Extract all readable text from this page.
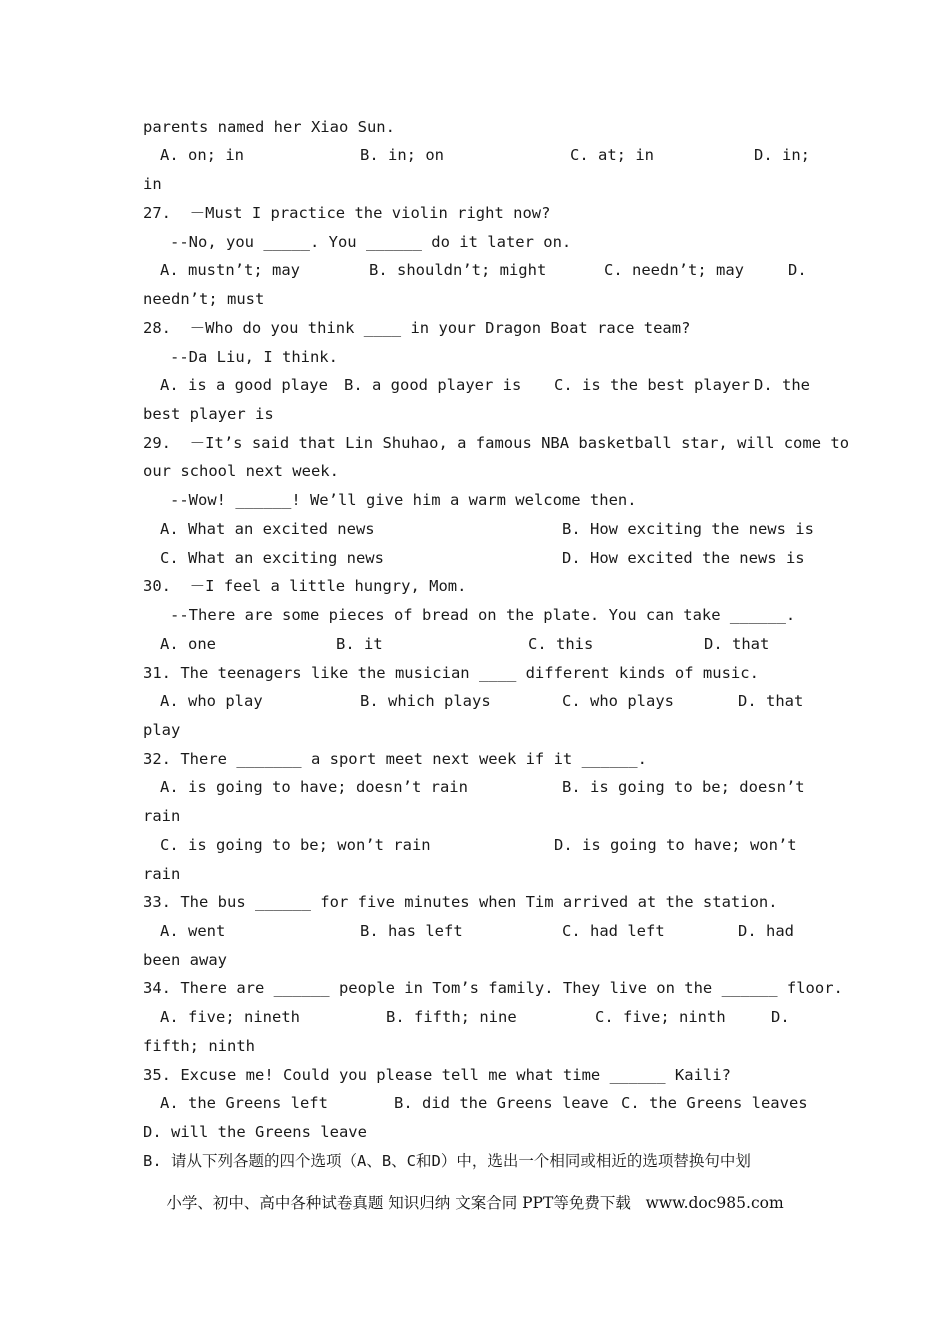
parents named her Xiao Sun.
A. on; in	B. in; on	C. at; in	D. in;
in
27.  －Must I practice the violin right now?
--No, you _____. You ______ do it later on.
A. mustn’t; may	B. shouldn’t; might	C. needn’t; may	D.
needn’t; must
28.  －Who do you think ____ in your Dragon Boat race team?
--Da Liu, I think.
A. is a good playe B. a good player is C. is the best player D. the
best player is
29.  －It’s said that Lin Shuhao, a famous NBA basketball star, will come to
our school next week.
--Wow! ______! We’ll give him a warm welcome then.
A. What an excited news	B. How exciting the news is
C. What an exciting news	D. How excited the news is
30.  －I feel a little hungry, Mom.
--There are some pieces of bread on the plate. You can take ______.
A. one	B. it	C. this	D. that
31. The teenagers like the musician ____ different kinds of music.
A. who play	B. which plays	C. who plays	D. that
play
32. There _______ a sport meet next week if it ______.
A. is going to have; doesn’t rain	B. is going to be; doesn’t
rain
C. is going to be; won’t rain	D. is going to have; won’t
rain
33. The bus ______ for five minutes when Tim arrived at the station.
A. went	B. has left	C. had left	D. had
been away
34. There are ______ people in Tom’s family. They live on the ______ floor.
A. five; nineth	B. fifth; nine	C. five; ninth	D.
fifth; ninth
35. Excuse me! Could you please tell me what time ______ Kaili?
A. the Greens left	B. did the Greens leave C. the Greens leaves
D. will the Greens leave
B. 请从下列各题的四个选项（A、B、C和D）中，选出一个相同或相近的选项替换句中划
小学、初中、高中各种试卷真题 知识归纳 文案合同 PPT等免费下载   www.doc985.com
